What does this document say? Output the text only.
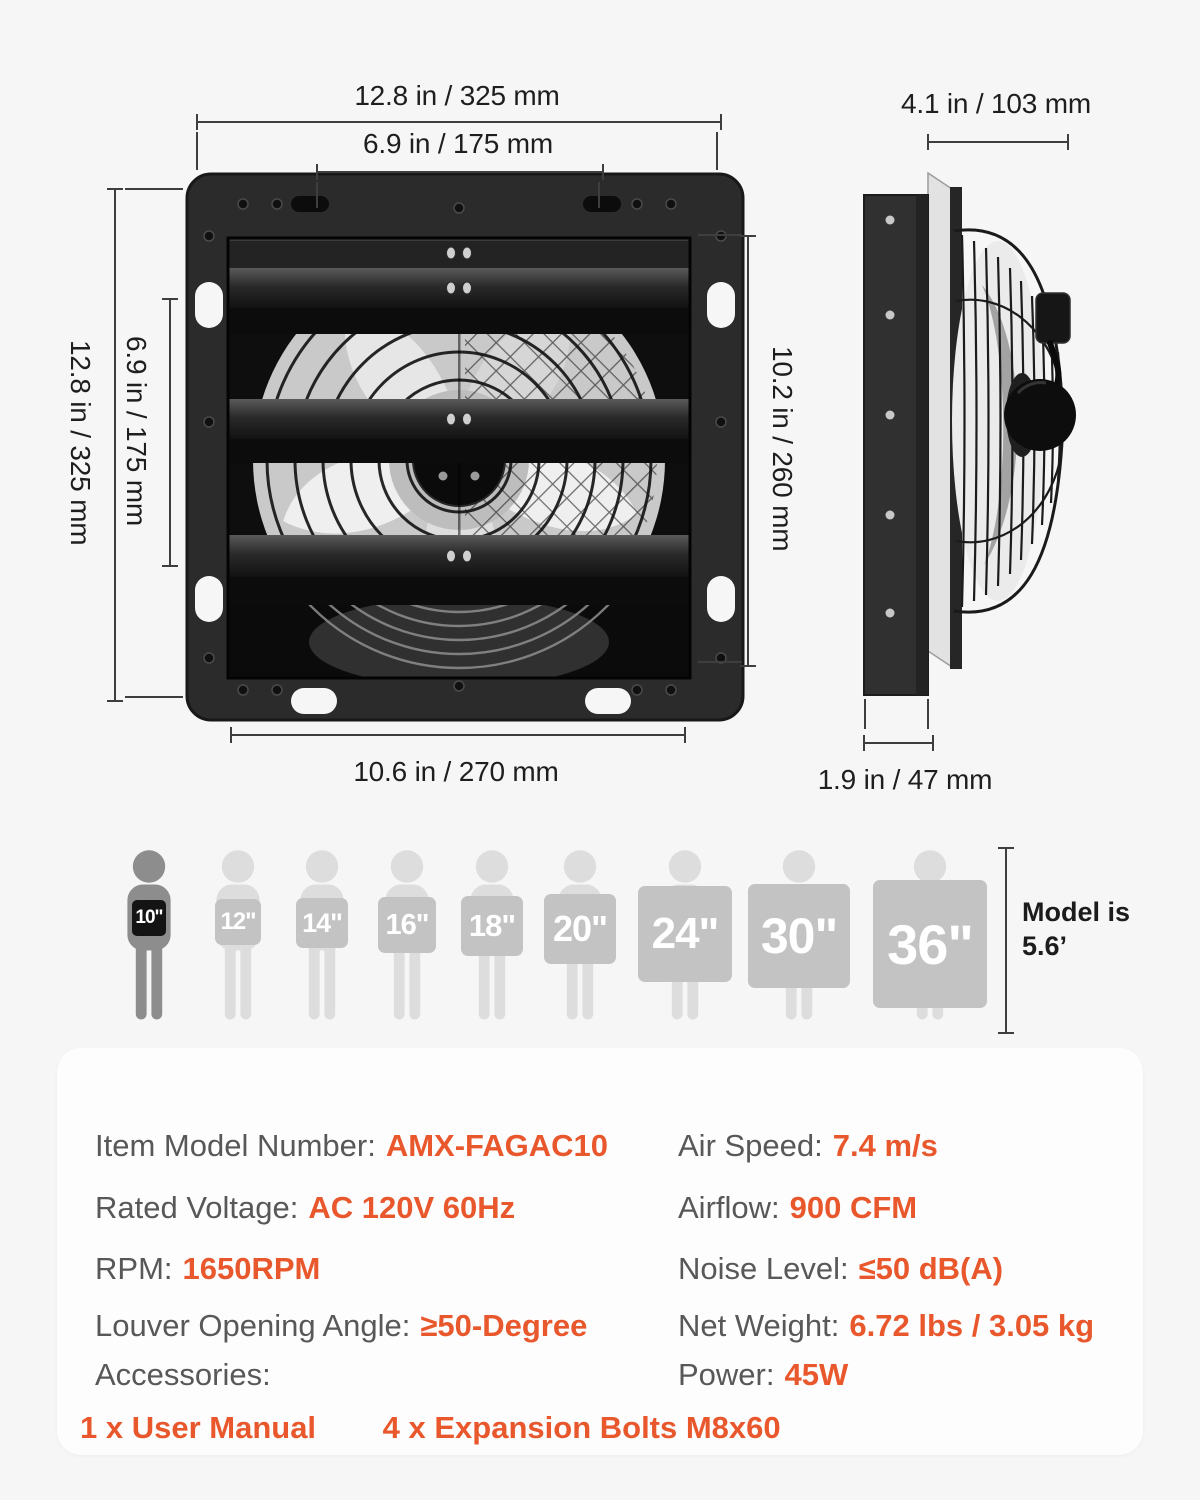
12.8 in / 325 mm
6.9 in / 175 mm
12.8 in / 325 mm 6.9 in / 175 mm	10.2 in / 260 mm
10.6 in / 270 mm
4.1 in / 103 mm
1.9 in / 47 mm
10" 12" 14" 16" 18" 20" 24" 30" 36"
Model is
5.6’
Item Model Number: AMX-FAGAC10
Rated Voltage: AC 120V 60Hz
RPM: 1650RPM
Louver Opening Angle: ≥50-Degree
Accessories:
Air Speed: 7.4 m/s
Airflow: 900 CFM
Noise Level: ≤50 dB(A)
Net Weight: 6.72 lbs / 3.05 kg
Power: 45W
1 x User Manual 4 x Expansion Bolts M8x60
